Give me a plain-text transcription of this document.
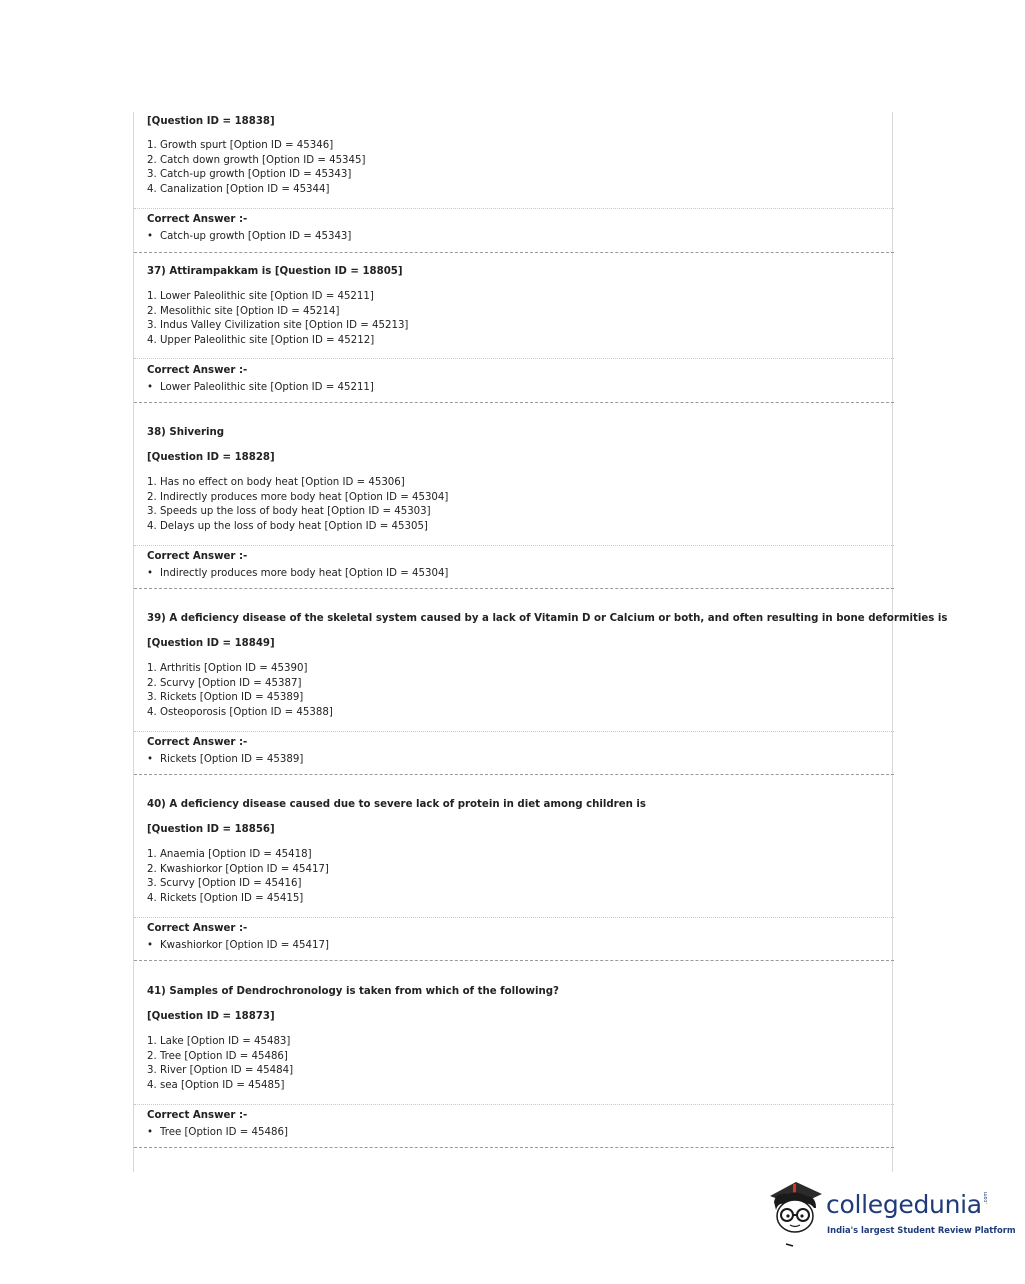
[Question ID = 18838]
1. Growth spurt [Option ID = 45346]
2. Catch down growth [Option ID = 45345]
3. Catch-up growth [Option ID = 45343]
4. Canalization [Option ID = 45344]
Correct Answer :-
• Catch-up growth [Option ID = 45343]
37) Attirampakkam is [Question ID = 18805]
1. Lower Paleolithic site [Option ID = 45211]
2. Mesolithic site [Option ID = 45214]
3. Indus Valley Civilization site [Option ID = 45213]
4. Upper Paleolithic site [Option ID = 45212]
Correct Answer :-
• Lower Paleolithic site [Option ID = 45211]
38) Shivering
[Question ID = 18828]
1. Has no effect on body heat [Option ID = 45306]
2. Indirectly produces more body heat [Option ID = 45304]
3. Speeds up the loss of body heat [Option ID = 45303]
4. Delays up the loss of body heat [Option ID = 45305]
Correct Answer :-
• Indirectly produces more body heat [Option ID = 45304]
39) A deficiency disease of the skeletal system caused by a lack of Vitamin D or Calcium or both, and often resulting in bone deformities is
[Question ID = 18849]
1. Arthritis [Option ID = 45390]
2. Scurvy [Option ID = 45387]
3. Rickets [Option ID = 45389]
4. Osteoporosis [Option ID = 45388]
Correct Answer :-
• Rickets [Option ID = 45389]
40) A deficiency disease caused due to severe lack of protein in diet among children is
[Question ID = 18856]
1. Anaemia [Option ID = 45418]
2. Kwashiorkor [Option ID = 45417]
3. Scurvy [Option ID = 45416]
4. Rickets [Option ID = 45415]
Correct Answer :-
• Kwashiorkor [Option ID = 45417]
41) Samples of Dendrochronology is taken from which of the following?
[Question ID = 18873]
1. Lake [Option ID = 45483]
2. Tree [Option ID = 45486]
3. River [Option ID = 45484]
4. sea [Option ID = 45485]
Correct Answer :-
• Tree [Option ID = 45486]
collegedunia .com
India's largest Student Review Platform
